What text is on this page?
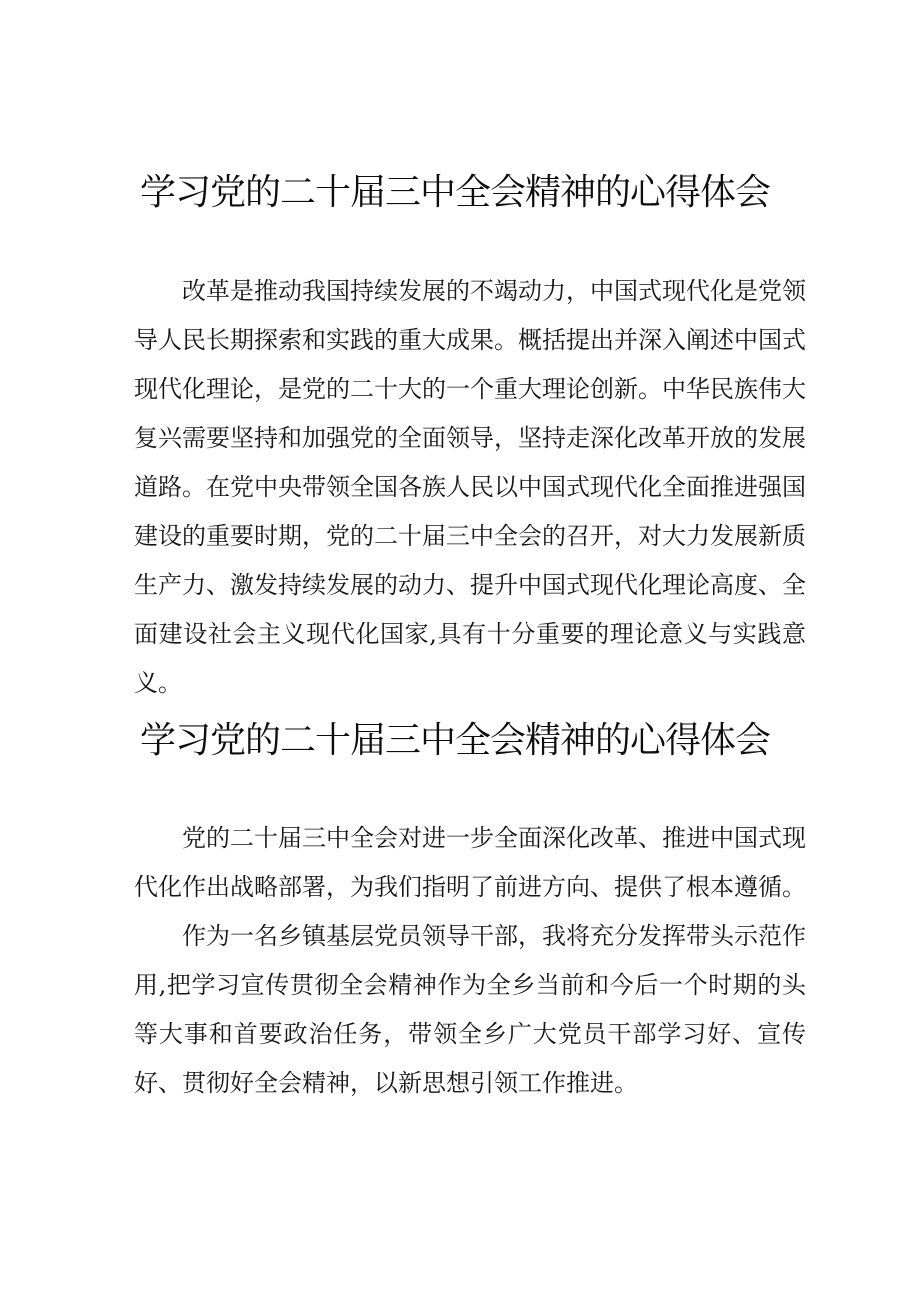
学习党的二十届三中全会精神的心得体会

改革是推动我国持续发展的不竭动力，中国式现代化是党领导人民长期探索和实践的重大成果。概括提出并深入阐述中国式现代化理论，是党的二十大的一个重大理论创新。中华民族伟大复兴需要坚持和加强党的全面领导，坚持走深化改革开放的发展道路。在党中央带领全国各族人民以中国式现代化全面推进强国建设的重要时期，党的二十届三中全会的召开，对大力发展新质生产力、激发持续发展的动力、提升中国式现代化理论高度、全面建设社会主义现代化国家,具有十分重要的理论意义与实践意义。

学习党的二十届三中全会精神的心得体会

党的二十届三中全会对进一步全面深化改革、推进中国式现代化作出战略部署，为我们指明了前进方向、提供了根本遵循。

作为一名乡镇基层党员领导干部，我将充分发挥带头示范作用,把学习宣传贯彻全会精神作为全乡当前和今后一个时期的头等大事和首要政治任务，带领全乡广大党员干部学习好、宣传好、贯彻好全会精神，以新思想引领工作推进。
